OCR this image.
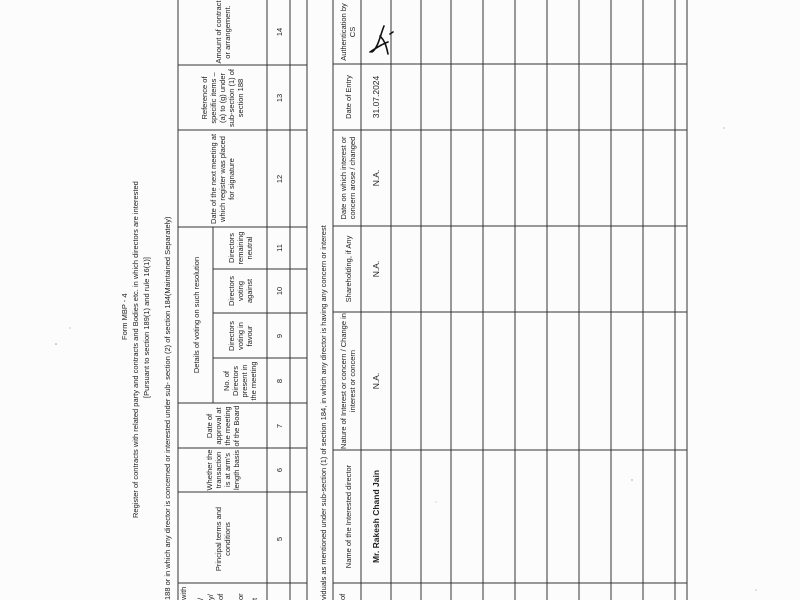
Form MBP - 4 Register of contracts with related party and contracts and Bodies etc. in which directors are interested [Pursuant to section 189(1) and rule 16(1)] 188 or in which any director is concerned or interested under sub- section (2) of section 184(Maintained Separately) with / y/ of or t
Principal terms and conditions
Whether the transaction is at arm's length basis
Date of approval at the meeting of the Board
Details of voting on such resolution
No. of Directors present in the meeting
Directors voting in favour
Directors voting against
Directors remaining neutral
Date of the next meeting at which register was placed for signature
Reference of specific items – (a) to (g) under sub-section (1) of section 188
Amount of contract or arrangement.
5
6
7
8
9
10
11
12
13
14
viduals as mentioned under sub-section (1) of section 184, in which any director is having any concern or interest of
Name of the Interested director
Nature of Interest or concern / Change in interest or concern
Shareholding, if Any
Date on which interest or concern arose / changed
Date of Entry
Authentication by CS
Mr. Rakesh Chand Jain
N.A.
N.A.
N.A.
31.07.2024
